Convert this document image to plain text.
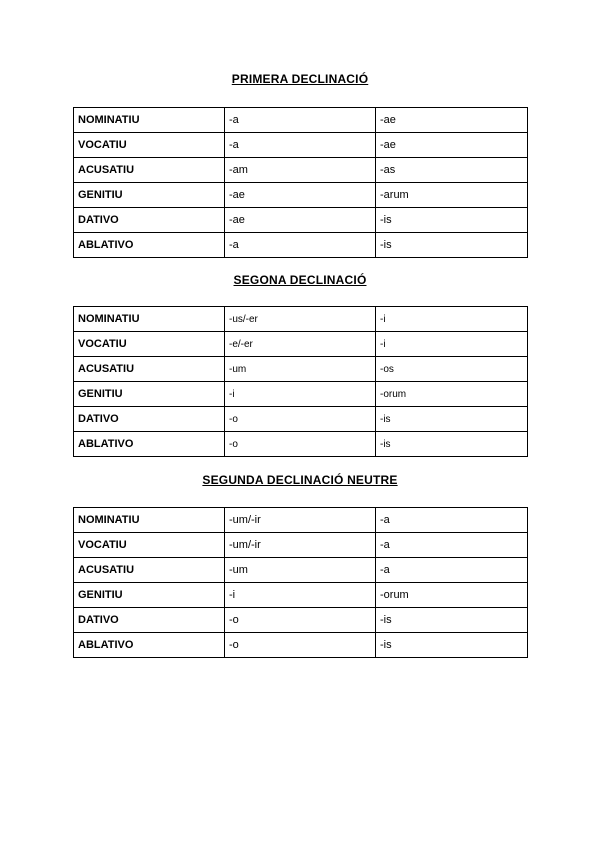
PRIMERA DECLINACIÓ
NOMINATIU	-a	-ae
VOCATIU	-a	-ae
ACUSATIU	-am	-as
GENITIU	-ae	-arum
DATIVO	-ae	-is
ABLATIVO	-a	-is
SEGONA DECLINACIÓ
NOMINATIU	-us/-er	-i
VOCATIU	-e/-er	-i
ACUSATIU	-um	-os
GENITIU	-i	-orum
DATIVO	-o	-is
ABLATIVO	-o	-is
SEGUNDA DECLINACIÓ NEUTRE
NOMINATIU	-um/-ir	-a
VOCATIU	-um/-ir	-a
ACUSATIU	-um	-a
GENITIU	-i	-orum
DATIVO	-o	-is
ABLATIVO	-o	-is
